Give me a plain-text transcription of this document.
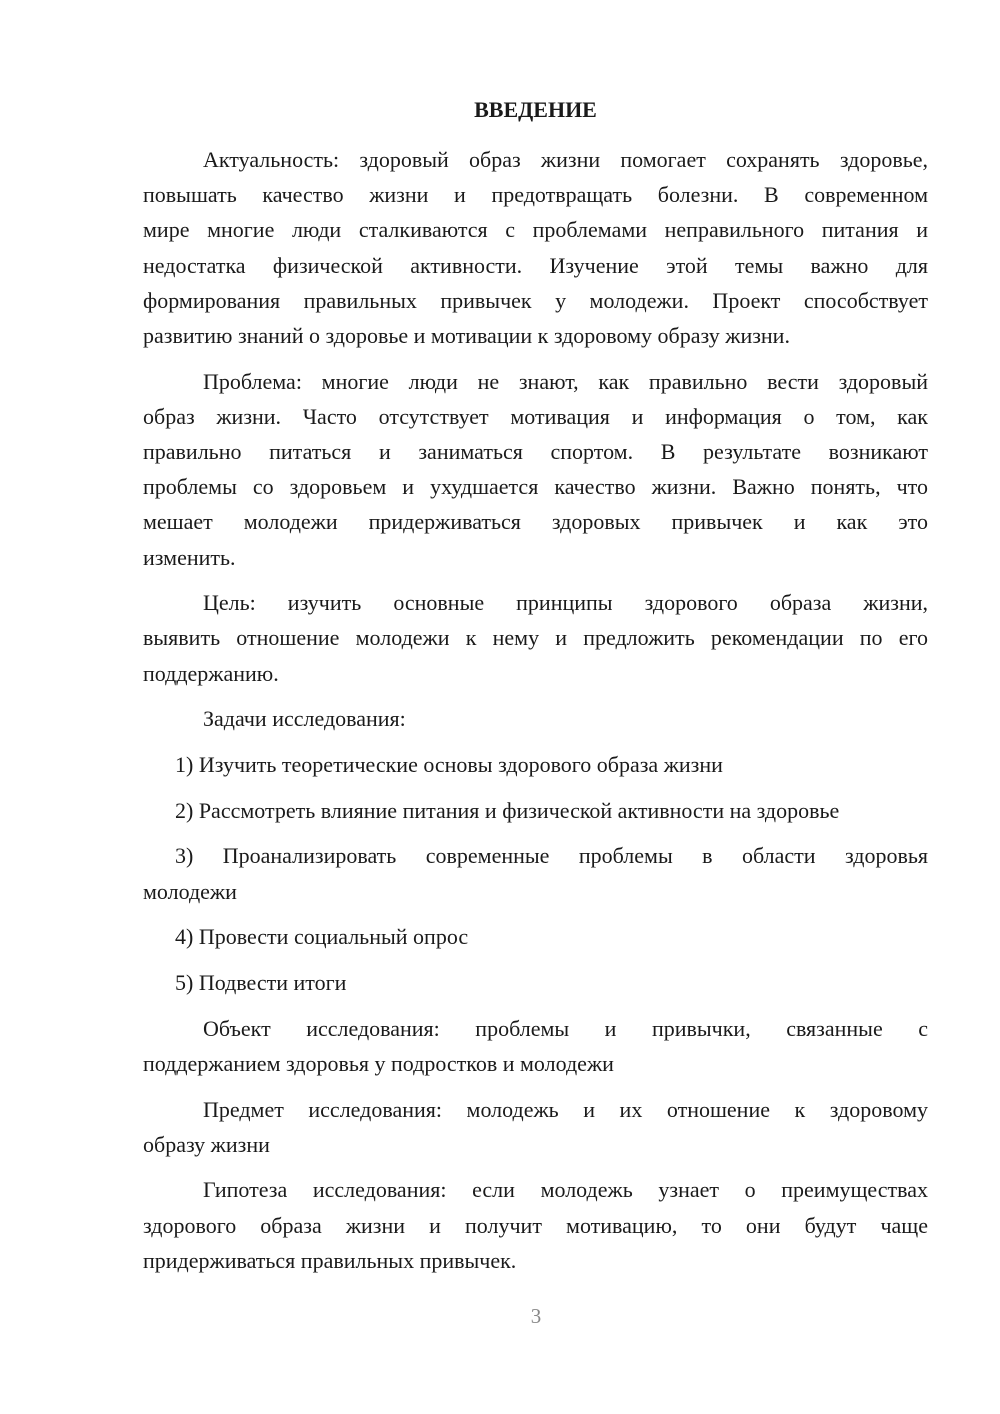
ВВЕДЕНИЕ
Актуальность: здоровый образ жизни помогает сохранять здоровье,
повышать качество жизни и предотвращать болезни. В современном
мире многие люди сталкиваются с проблемами неправильного питания и
недостатка физической активности. Изучение этой темы важно для
формирования правильных привычек у молодежи. Проект способствует
развитию знаний о здоровье и мотивации к здоровому образу жизни.
Проблема: многие люди не знают, как правильно вести здоровый
образ жизни. Часто отсутствует мотивация и информация о том, как
правильно питаться и заниматься спортом. В результате возникают
проблемы со здоровьем и ухудшается качество жизни. Важно понять, что
мешает молодежи придерживаться здоровых привычек и как это
изменить.
Цель: изучить основные принципы здорового образа жизни,
выявить отношение молодежи к нему и предложить рекомендации по его
поддержанию.
Задачи исследования:
1) Изучить теоретические основы здорового образа жизни
2) Рассмотреть влияние питания и физической активности на здоровье
3) Проанализировать современные проблемы в области здоровья
молодежи
4) Провести социальный опрос
5) Подвести итоги
Объект исследования: проблемы и привычки, связанные с
поддержанием здоровья у подростков и молодежи
Предмет исследования: молодежь и их отношение к здоровому
образу жизни
Гипотеза исследования: если молодежь узнает о преимуществах
здорового образа жизни и получит мотивацию, то они будут чаще
придерживаться правильных привычек.
3
